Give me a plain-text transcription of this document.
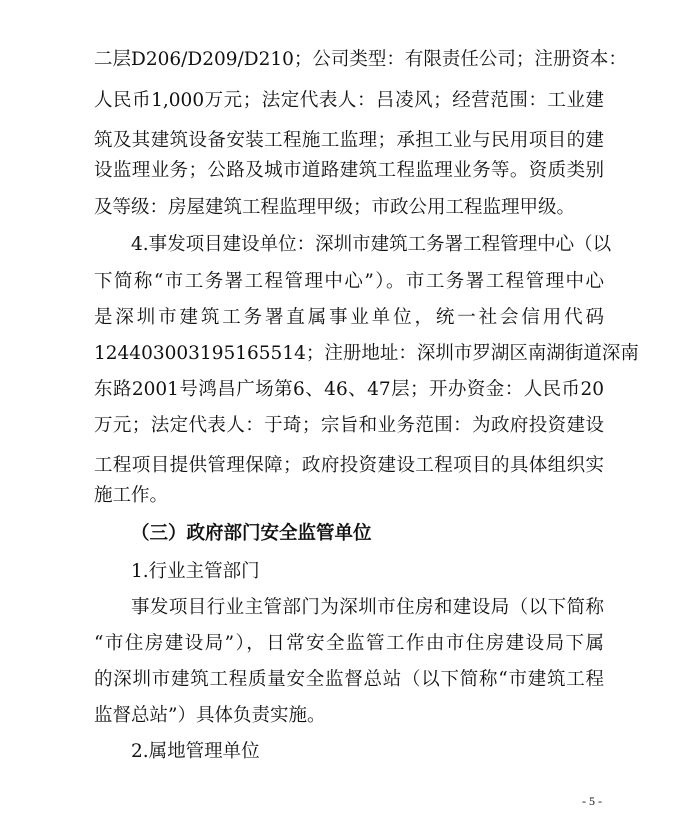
二层D206/D209/D210；公司类型：有限责任公司；注册资本：
人民币1,000万元；法定代表人：吕凌风；经营范围：工业建
筑及其建筑设备安装工程施工监理；承担工业与民用项目的建
设监理业务；公路及城市道路建筑工程监理业务等。资质类别
及等级：房屋建筑工程监理甲级；市政公用工程监理甲级。
4.事发项目建设单位：深圳市建筑工务署工程管理中心（以
下简称“市工务署工程管理中心”）。市工务署工程管理中心
是深圳市建筑工务署直属事业单位，统一社会信用代码
12440300319516551​4；注册地址：深圳市罗湖区南湖街道深南
东路2001号鸿昌广场第6、46、47层；开办资金：人民币20
万元；法定代表人：于琦；宗旨和业务范围：为政府投资建设
工程项目提供管理保障；政府投资建设工程项目的具体组织实
施工作。
（三）政府部门安全监管单位
1.行业主管部门
事发项目行业主管部门为深圳市住房和建设局（以下简称
“市住房建设局”），日常安全监管工作由市住房建设局下属
的深圳市建筑工程质量安全监督总站（以下简称“市建筑工程
监督总站”）具体负责实施。
2.属地管理单位
- 5 -
